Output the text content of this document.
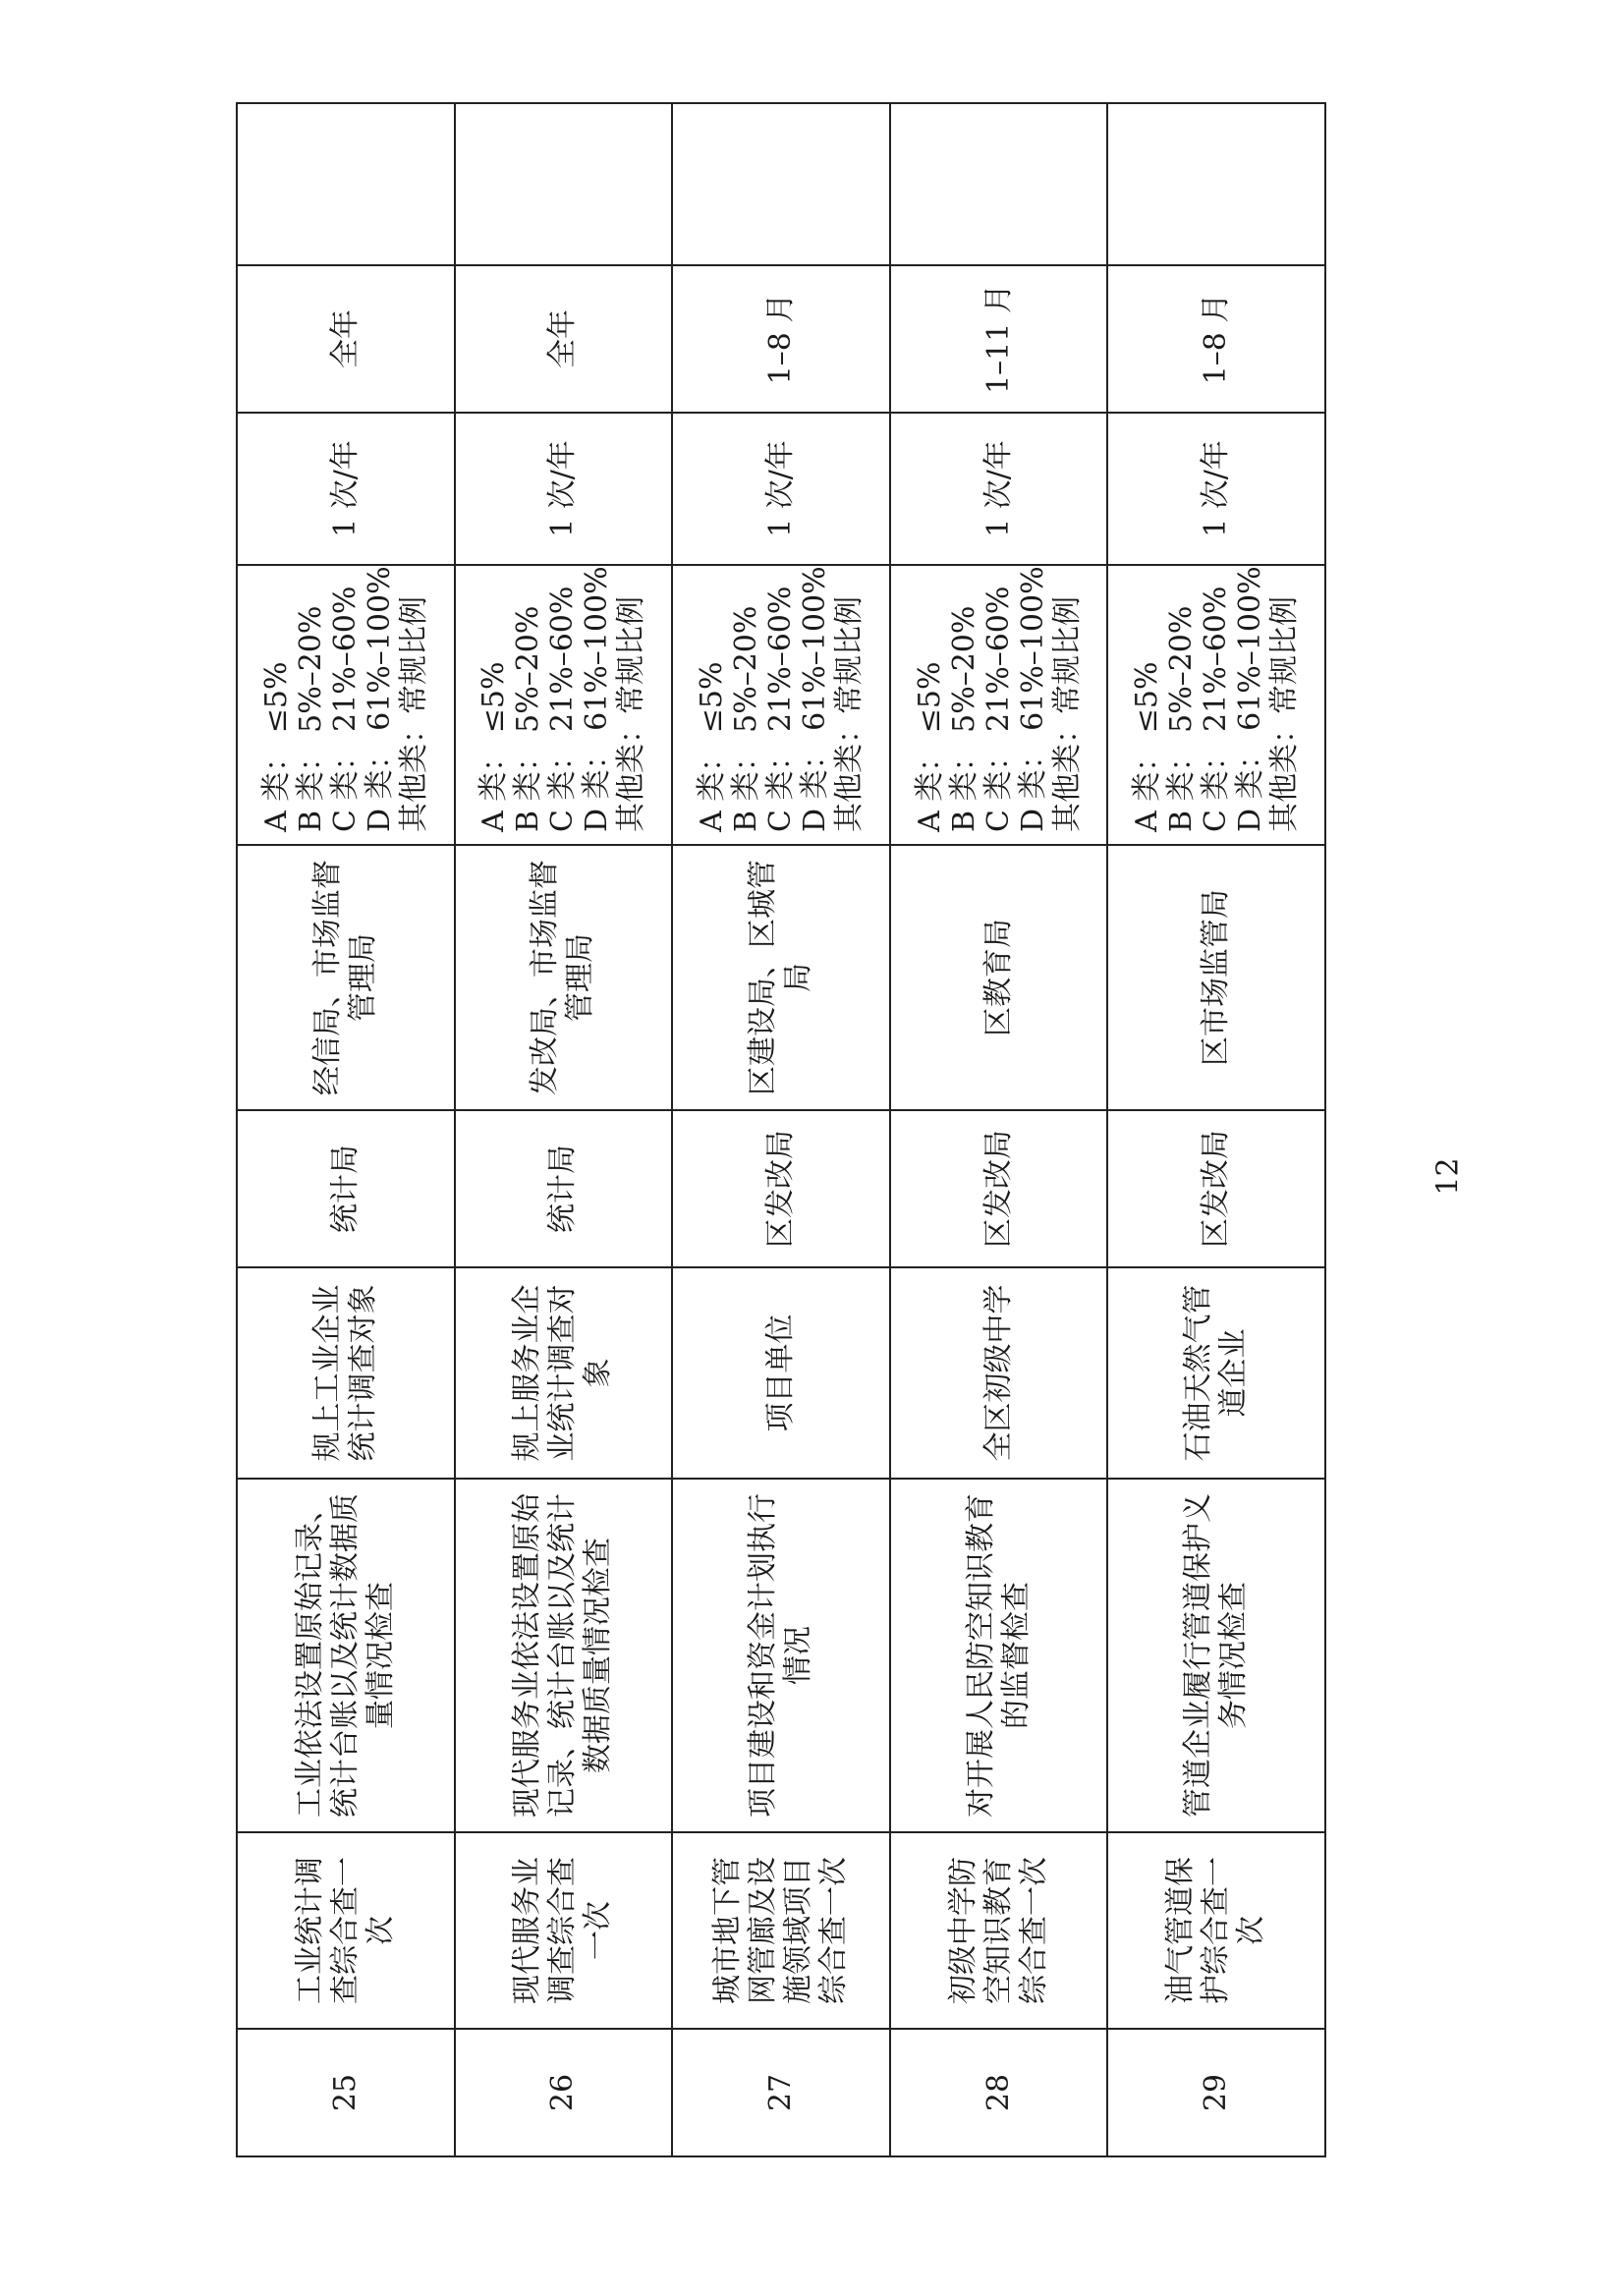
25	工业统计调查综合查一次	工业依法设置原始记录、统计台账以及统计数据质量情况检查	规上工业企业统计调查对象	统计局	经信局、市场监督管理局	A 类： ≤5% B 类： 5%–20% C 类： 21%–60% D 类： 61%–100% 其他类：常规比例	1 次/年	全年	
26	现代服务业调查综合查一次	现代服务业依法设置原始记录、统计台账以及统计数据质量情况检查	规上服务业企业统计调查对象	统计局	发改局、市场监督管理局	A 类： ≤5% B 类： 5%–20% C 类： 21%–60% D 类： 61%–100% 其他类：常规比例	1 次/年	全年	
27	城市地下管网管廊及设施领域项目综合查一次	项目建设和资金计划执行情况	项目单位	区发改局	区建设局、区城管局	A 类： ≤5% B 类： 5%–20% C 类： 21%–60% D 类： 61%–100% 其他类：常规比例	1 次/年	1–8 月	
28	初级中学防空知识教育综合查一次	对开展人民防空知识教育的监督检查	全区初级中学	区发改局	区教育局	A 类： ≤5% B 类： 5%–20% C 类： 21%–60% D 类： 61%–100% 其他类：常规比例	1 次/年	1–11 月	
29	油气管道保护综合查一次	管道企业履行管道保护义务情况检查	石油天然气管道企业	区发改局	区市场监管局	A 类： ≤5% B 类： 5%–20% C 类： 21%–60% D 类： 61%–100% 其他类：常规比例	1 次/年	1–8 月	
12
